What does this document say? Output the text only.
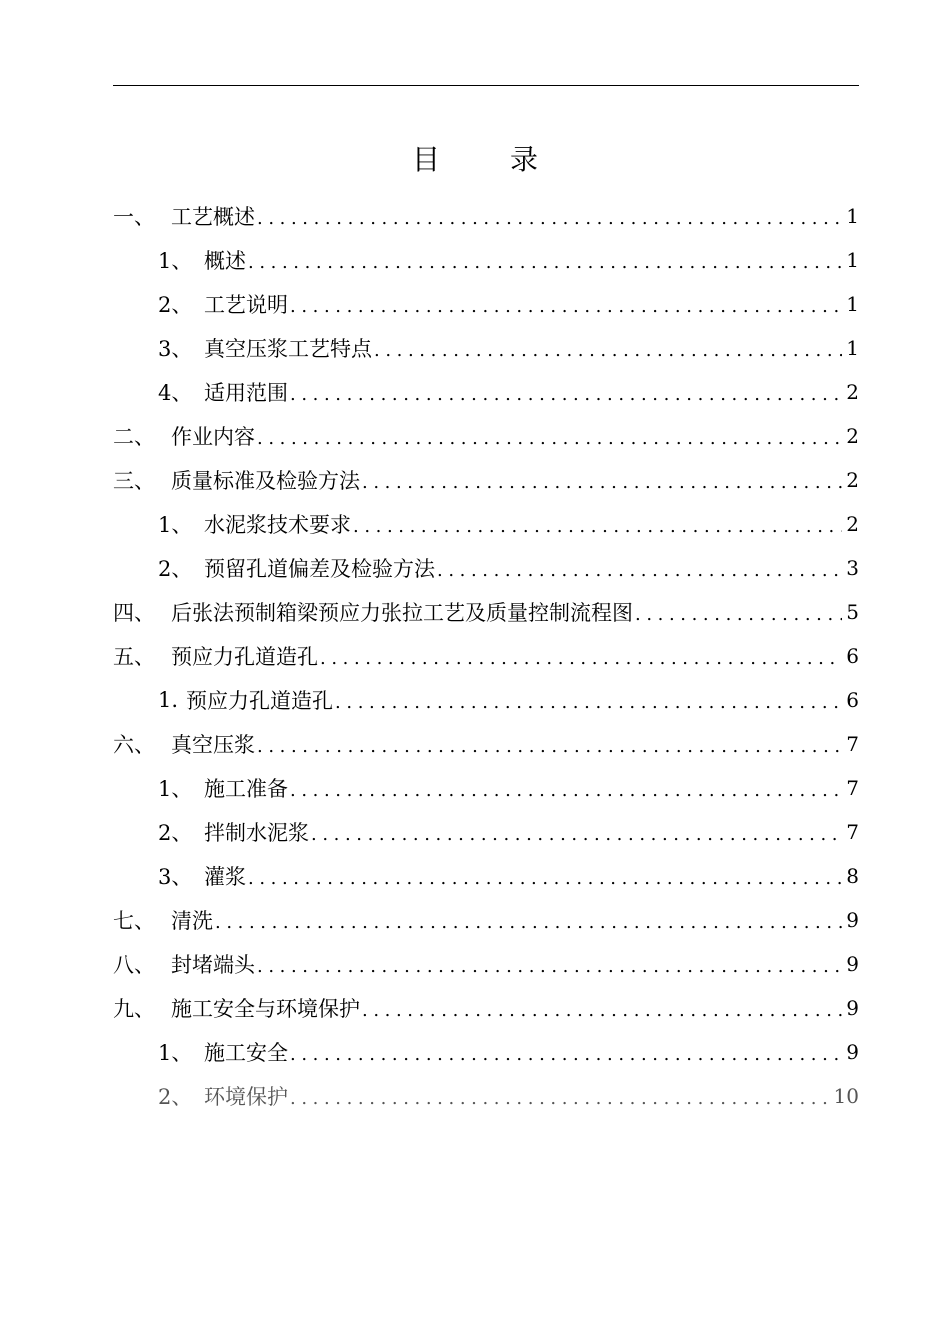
目	录
一、 工艺概述 .....	1
1、 概述 .....	1
2、 工艺说明 .....	1
3、 真空压浆工艺特点 .....	1
4、 适用范围 .....	2
二、 作业内容 .....	2
三、 质量标准及检验方法 .....	2
1、 水泥浆技术要求 .....	2
2、 预留孔道偏差及检验方法 .....	3
四、 后张法预制箱梁预应力张拉工艺及质量控制流程图 .....	5
五、 预应力孔道造孔 .....	6
1. 预应力孔道造孔 .....	6
六、 真空压浆 .....	7
1、 施工准备 .....	7
2、 拌制水泥浆 .....	7
3、 灌浆 .....	8
七、 清洗 .....	9
八、 封堵端头 .....	9
九、 施工安全与环境保护 .....	9
1、 施工安全 .....	9
2、 环境保护 .....	10
